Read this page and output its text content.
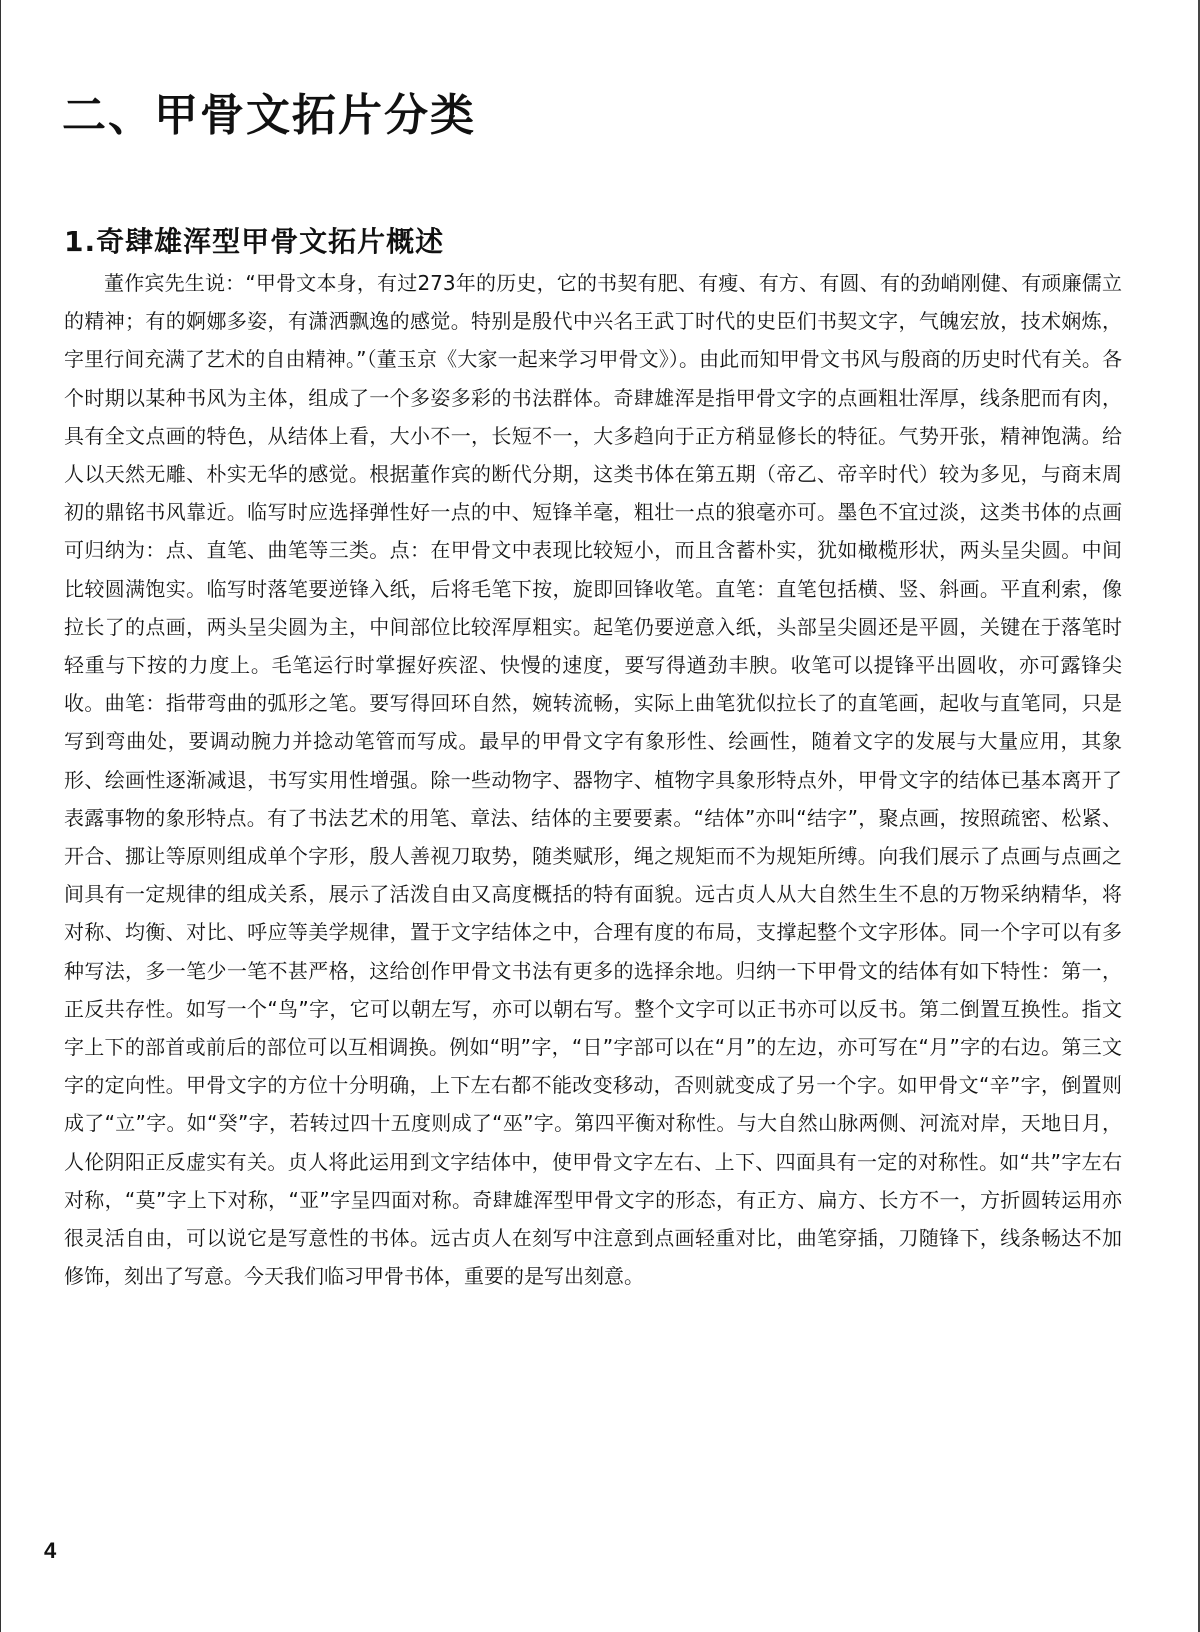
二、甲骨文拓片分类
1.奇肆雄浑型甲骨文拓片概述

董作宾先生说：“甲骨文本身，有过273年的历史，它的书契有肥、有瘦、有方、有圆、有的劲峭刚健、有顽廉儒立的精神；有的婀娜多姿，有潇洒飘逸的感觉。特别是殷代中兴名王武丁时代的史臣们书契文字，气魄宏放，技术娴炼，字里行间充满了艺术的自由精神。”（董玉京《大家一起来学习甲骨文》）。由此而知甲骨文书风与殷商的历史时代有关。各个时期以某种书风为主体，组成了一个多姿多彩的书法群体。奇肆雄浑是指甲骨文字的点画粗壮浑厚，线条肥而有肉，具有全文点画的特色，从结体上看，大小不一，长短不一，大多趋向于正方稍显修长的特征。气势开张，精神饱满。给人以天然无雕、朴实无华的感觉。根据董作宾的断代分期，这类书体在第五期（帝乙、帝辛时代）较为多见，与商末周初的鼎铭书风靠近。临写时应选择弹性好一点的中、短锋羊毫，粗壮一点的狼毫亦可。墨色不宜过淡，这类书体的点画可归纳为：点、直笔、曲笔等三类。点：在甲骨文中表现比较短小，而且含蓄朴实，犹如橄榄形状，两头呈尖圆。中间比较圆满饱实。临写时落笔要逆锋入纸，后将毛笔下按，旋即回锋收笔。直笔：直笔包括横、竖、斜画。平直利索，像拉长了的点画，两头呈尖圆为主，中间部位比较浑厚粗实。起笔仍要逆意入纸，头部呈尖圆还是平圆，关键在于落笔时轻重与下按的力度上。毛笔运行时掌握好疾涩、快慢的速度，要写得遒劲丰腴。收笔可以提锋平出圆收，亦可露锋尖收。曲笔：指带弯曲的弧形之笔。要写得回环自然，婉转流畅，实际上曲笔犹似拉长了的直笔画，起收与直笔同，只是写到弯曲处，要调动腕力并捻动笔管而写成。最早的甲骨文字有象形性、绘画性，随着文字的发展与大量应用，其象形、绘画性逐渐减退，书写实用性增强。除一些动物字、器物字、植物字具象形特点外，甲骨文字的结体已基本离开了表露事物的象形特点。有了书法艺术的用笔、章法、结体的主要要素。“结体”亦叫“结字”，聚点画，按照疏密、松紧、开合、挪让等原则组成单个字形，殷人善视刀取势，随类赋形，绳之规矩而不为规矩所缚。向我们展示了点画与点画之间具有一定规律的组成关系，展示了活泼自由又高度概括的特有面貌。远古贞人从大自然生生不息的万物采纳精华，将对称、均衡、对比、呼应等美学规律，置于文字结体之中，合理有度的布局，支撑起整个文字形体。同一个字可以有多种写法，多一笔少一笔不甚严格，这给创作甲骨文书法有更多的选择余地。归纳一下甲骨文的结体有如下特性：第一，正反共存性。如写一个“鸟”字，它可以朝左写，亦可以朝右写。整个文字可以正书亦可以反书。第二倒置互换性。指文字上下的部首或前后的部位可以互相调换。例如“明”字，“日”字部可以在“月”的左边，亦可写在“月”字的右边。第三文字的定向性。甲骨文字的方位十分明确，上下左右都不能改变移动，否则就变成了另一个字。如甲骨文“辛”字，倒置则成了“立”字。如“癸”字，若转过四十五度则成了“巫”字。第四平衡对称性。与大自然山脉两侧、河流对岸，天地日月，人伦阴阳正反虚实有关。贞人将此运用到文字结体中，使甲骨文字左右、上下、四面具有一定的对称性。如“共”字左右对称，“莫”字上下对称，“亚”字呈四面对称。奇肆雄浑型甲骨文字的形态，有正方、扁方、长方不一，方折圆转运用亦很灵活自由，可以说它是写意性的书体。远古贞人在刻写中注意到点画轻重对比，曲笔穿插，刀随锋下，线条畅达不加修饰，刻出了写意。今天我们临习甲骨书体，重要的是写出刻意。

4
